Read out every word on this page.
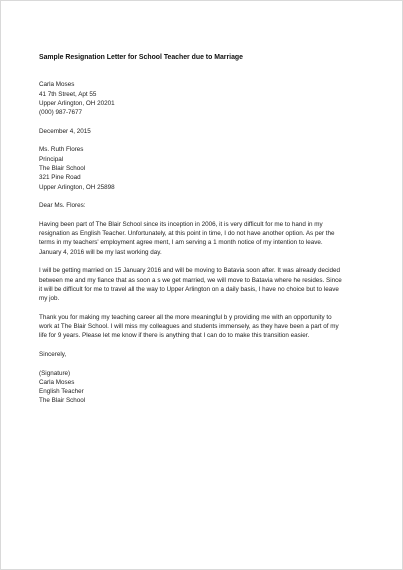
Sample Resignation Letter for School Teacher due to Marriage
Carla Moses
41 7th Street, Apt 55
Upper Arlington, OH 20201
(000) 987-7677
December 4, 2015
Ms. Ruth Flores
Principal
The Blair School
321 Pine Road
Upper Arlington, OH 25898
Dear Ms. Flores:
Having been part of The Blair School since its inception in 2006, it is very difficult for me to hand in my
resignation as English Teacher. Unfortunately, at this point in time, I do not have another option. As per the
terms in my teachers' employment agree ment, I am serving a 1 month notice of my intention to leave.
January 4, 2016 will be my last working day.
I will be getting married on 15 January 2016 and will be moving to Batavia soon after. It was already decided
between me and my fiance that as soon a s we get married, we will move to Batavia where he resides. Since
it will be difficult for me to travel all the way to Upper Arlington on a daily basis, I have no choice but to leave
my job.
Thank you for making my teaching career all the more meaningful b y providing me with an opportunity to
work at The Blair School. I will miss my colleagues and students immensely, as they have been a part of my
life for 9 years. Please let me know if there is anything that I can do to make this transition easier.
Sincerely,
(Signature)
Carla Moses
English Teacher
The Blair School
